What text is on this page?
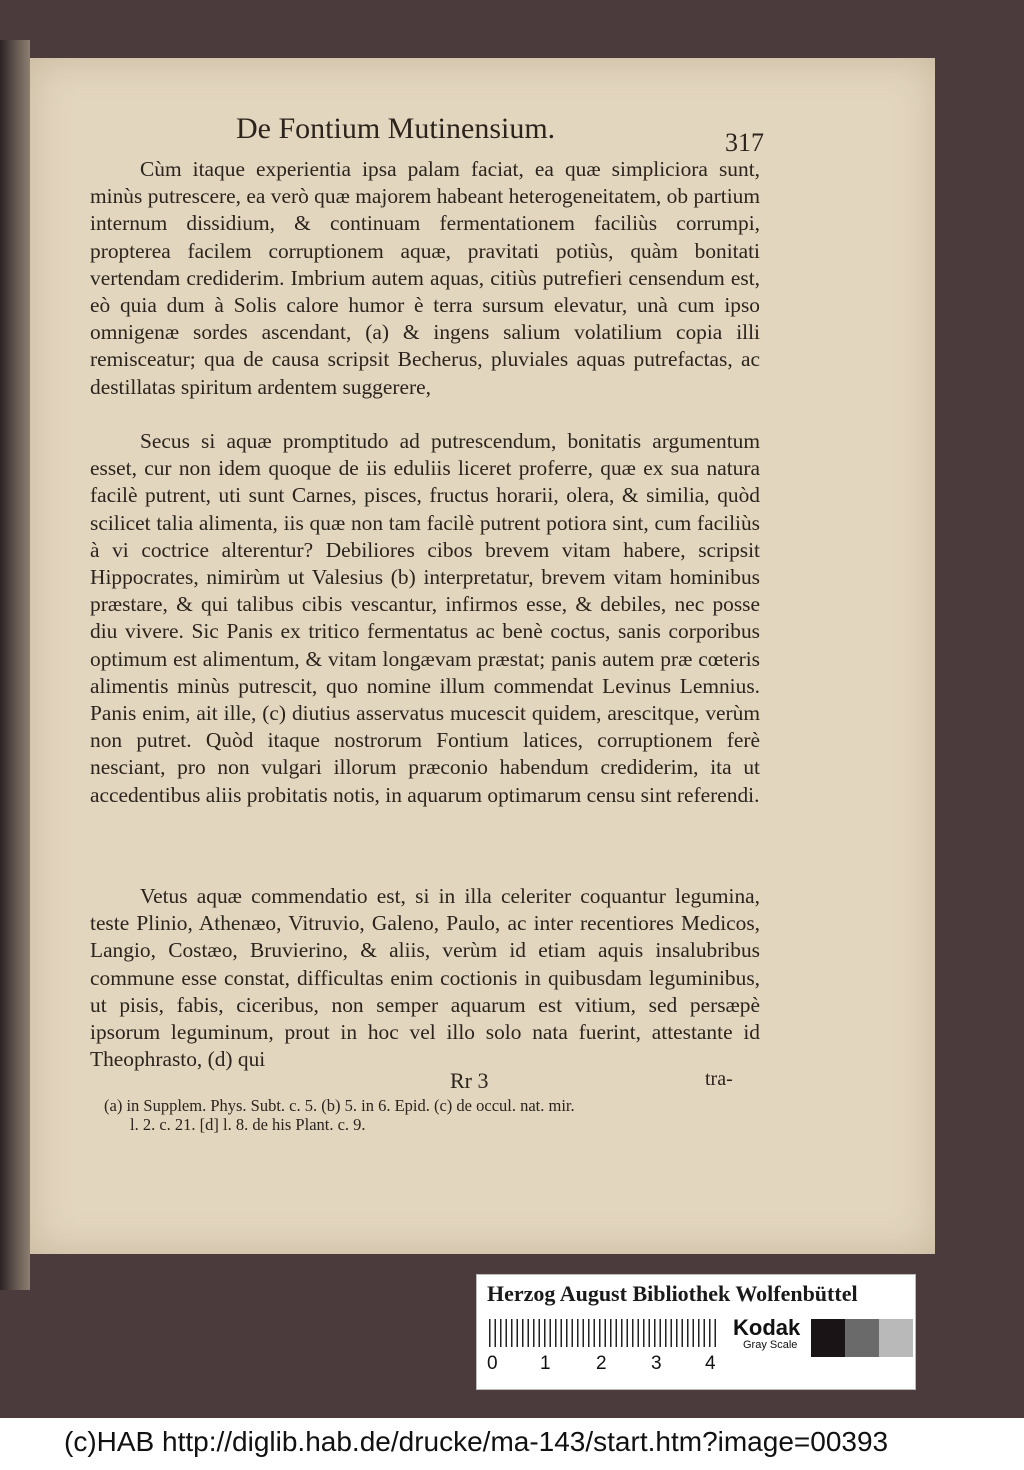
De Fontium Mutinensium.	317

Cùm itaque experientia ipsa palam faciat, ea quæ simpliciora sunt, minùs putrescere, ea verò quæ majorem habeant heterogeneitatem, ob partium internum dissidium, & continuam fermentationem faciliùs corrumpi, propterea facilem corruptionem aquæ, pravitati potiùs, quàm bonitati vertendam crediderim. Imbrium autem aquas, citiùs putrefieri censendum est, eò quia dum à Solis calore humor è terra sursum elevatur, unà cum ipso omnigenæ sordes ascendant, (a) & ingens salium volatilium copia illi remisceatur; qua de causa scripsit Becherus, pluviales aquas putrefactas, ac destillatas spiritum ardentem suggerere,

Secus si aquæ promptitudo ad putrescendum, bonitatis argumentum esset, cur non idem quoque de iis eduliis liceret proferre, quæ ex sua natura facilè putrent, uti sunt Carnes, pisces, fructus horarii, olera, & similia, quòd scilicet talia alimenta, iis quæ non tam facilè putrent potiora sint, cum faciliùs à vi coctrice alterentur? Debiliores cibos brevem vitam habere, scripsit Hippocrates, nimirùm ut Valesius (b) interpretatur, brevem vitam hominibus præstare, & qui talibus cibis vescantur, infirmos esse, & debiles, nec posse diu vivere. Sic Panis ex tritico fermentatus ac benè coctus, sanis corporibus optimum est alimentum, & vitam longævam præstat; panis autem præ cœteris alimentis minùs putrescit, quo nomine illum commendat Levinus Lemnius. Panis enim, ait ille, (c) diutius asservatus mucescit quidem, arescitque, verùm non putret. Quòd itaque nostrorum Fontium latices, corruptionem ferè nesciant, pro non vulgari illorum præconio habendum crediderim, ita ut accedentibus aliis probitatis notis, in aquarum optimarum censu sint referendi.

Vetus aquæ commendatio est, si in illa celeriter coquantur legumina, teste Plinio, Athenæo, Vitruvio, Galeno, Paulo, ac inter recentiores Medicos, Langio, Costæo, Bruvierino, & aliis, verùm id etiam aquis insalubribus commune esse constat, difficultas enim coctionis in quibusdam leguminibus, ut pisis, fabis, ciceribus, non semper aquarum est vitium, sed persæpè ipsorum leguminum, prout in hoc vel illo solo nata fuerint, attestante id Theophrasto, (d) qui

Rr 3	tra-
(a) in Supplem. Phys. Subt. c. 5. (b) 5. in 6. Epid. (c) de occul. nat. mir.
l. 2. c. 21. [d] l. 8. de his Plant. c. 9.
Herzog August Bibliothek Wolfenbüttel
0 1 2 3 4
Kodak
Gray Scale
(c)HAB http://diglib.hab.de/drucke/ma-143/start.htm?image=00393
